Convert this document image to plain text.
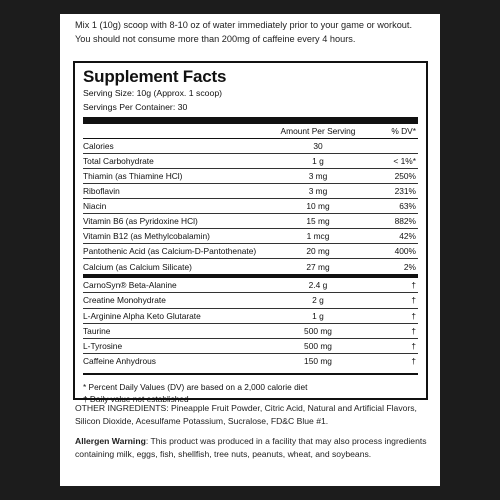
Mix 1 (10g) scoop with 8-10 oz of water immediately prior to your game or workout.
You should not consume more than 200mg of caffeine every 4 hours.
Supplement Facts
Serving Size: 10g (Approx. 1 scoop)
Servings Per Container: 30
Amount Per Serving	% DV*
Calories	30
Total Carbohydrate	1 g	< 1%*
Thiamin (as Thiamine HCl)	3 mg	250%
Riboflavin	3 mg	231%
Niacin	10 mg	63%
Vitamin B6 (as Pyridoxine HCl)	15 mg	882%
Vitamin B12 (as Methylcobalamin)	1 mcg	42%
Pantothenic Acid (as Calcium-D-Pantothenate)	20 mg	400%
Calcium (as Calcium Silicate)	27 mg	2%
CarnoSyn® Beta-Alanine	2.4 g	†
Creatine Monohydrate	2 g	†
L-Arginine Alpha Keto Glutarate	1 g	†
Taurine	500 mg	†
L-Tyrosine	500 mg	†
Caffeine Anhydrous	150 mg	†
* Percent Daily Values (DV) are based on a 2,000 calorie diet
† Daily value not established
OTHER INGREDIENTS: Pineapple Fruit Powder, Citric Acid, Natural and Artificial Flavors,
Silicon Dioxide, Acesulfame Potassium, Sucralose, FD&C Blue #1.
Allergen Warning: This product was produced in a facility that may also process ingredients
containing milk, eggs, fish, shellfish, tree nuts, peanuts, wheat, and soybeans.
